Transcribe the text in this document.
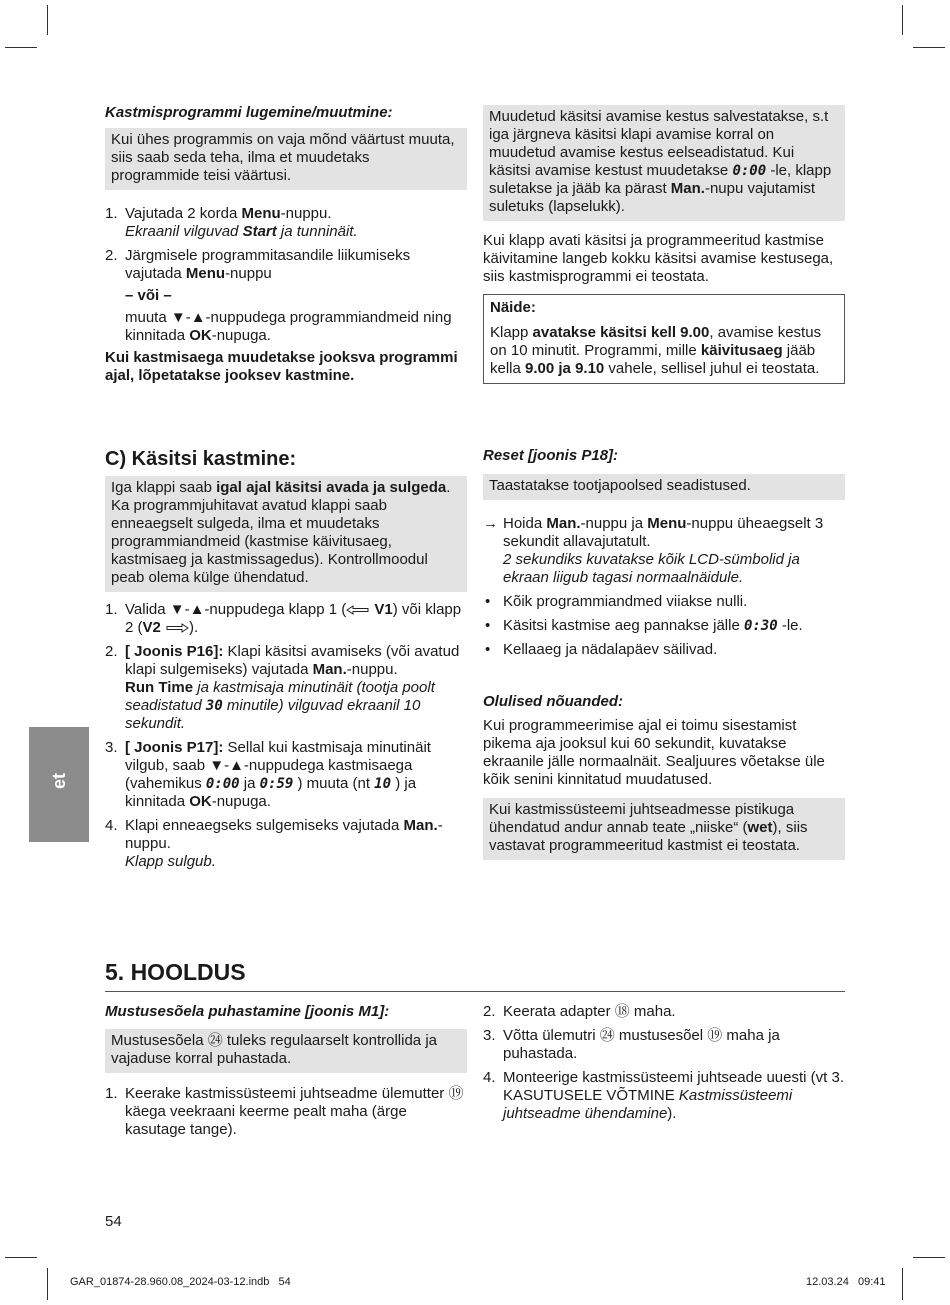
Kastmisprogrammi lugemine/muutmine:

Kui ühes programmis on vaja mõnd väärtust muuta, siis saab seda teha, ilma et muudetaks programmide teisi väärtusi.
1. Vajutada 2 korda Menu-nuppu.
Ekraanil vilguvad Start ja tunninäit.
2. Järgmisele programmitasandile liikumiseks vajutada Menu-nuppu
– või –
muuta ▼-▲-nuppudega programmiandmeid ning kinnitada OK-nupuga.
Kui kastmisaega muudetakse jooksva programmi ajal, lõpetatakse jooksev kastmine.
Muudetud käsitsi avamise kestus salvestatakse, s.t iga järgneva käsitsi klapi avamise korral on muudetud avamise kestus eelseadistatud. Kui käsitsi avamise kestust muudetakse 0:00 -le, klapp suletakse ja jääb ka pärast Man.-nupu vajutamist suletuks (lapselukk).
Kui klapp avati käsitsi ja programmeeritud kastmise käivitamine langeb kokku käsitsi avamise kestusega, siis kastmisprogrammi ei teostata.
Näide:
Klapp avatakse käsitsi kell 9.00, avamise kestus on 10 minutit. Programmi, mille käivitusaeg jääb kella 9.00 ja 9.10 vahele, sellisel juhul ei teostata.

C) Käsitsi kastmine:

Iga klappi saab igal ajal käsitsi avada ja sulgeda. Ka programmjuhitavat avatud klappi saab enneaegselt sulgeda, ilma et muudetaks programmiandmeid (kastmise käivitusaeg, kastmisaeg ja kastmissagedus). Kontrollmoodul peab olema külge ühendatud.
1. Valida ▼-▲-nuppudega klapp 1 ( V1) või klapp 2 (V2 ).
2. [ Joonis P16]: Klapi käsitsi avamiseks (või avatud klapi sulgemiseks) vajutada Man.-nuppu.
Run Time ja kastmisaja minutinäit (tootja poolt seadistatud 30 minutile) vilguvad ekraanil 10 sekundit.
3. [ Joonis P17]: Sellal kui kastmisaja minutinäit vilgub, saab ▼-▲-nuppudega kastmisaega (vahemikus 0:00 ja 0:59 ) muuta (nt 10 ) ja kinnitada OK-nupuga.
4. Klapi enneaegseks sulgemiseks vajutada Man.-nuppu.
Klapp sulgub.

Reset [joonis P18]:

Taastatakse tootjapoolsed seadistused.
→ Hoida Man.-nuppu ja Menu-nuppu üheaegselt 3 sekundit allavajutatult.
2 sekundiks kuvatakse kõik LCD-sümbolid ja ekraan liigub tagasi normaalnäidule.
• Kõik programmiandmed viiakse nulli.
• Käsitsi kastmise aeg pannakse jälle 0:30 -le.
• Kellaaeg ja nädalapäev säilivad.

Olulised nõuanded:

Kui programmeerimise ajal ei toimu sisestamist pikema aja jooksul kui 60 sekundit, kuvatakse ekraanile jälle normaalnäit. Sealjuures võetakse üle kõik senini kinnitatud muudatused.
Kui kastmissüsteemi juhtseadmesse pistikuga ühendatud andur annab teate „niiske“ (wet), siis vastavat programmeeritud kastmist ei teostata.
et

5. HOOLDUS

Mustusesõela puhastamine [joonis M1]:

Mustusesõela ㉔ tuleks regulaarselt kontrollida ja vajaduse korral puhastada.
1. Keerake kastmissüsteemi juhtseadme ülemutter ⑲ käega veekraani keerme pealt maha (ärge kasutage tange).
2. Keerata adapter ⑱ maha.
3. Võtta ülemutri ㉔ mustusesõel ⑲ maha ja puhastada.
4. Monteerige kastmissüsteemi juhtseade uuesti (vt 3. KASUTUSELE VÕTMINE Kastmissüsteemi juhtseadme ühendamine).
54
GAR_01874-28.960.08_2024-03-12.indb   54	12.03.24   09:41
